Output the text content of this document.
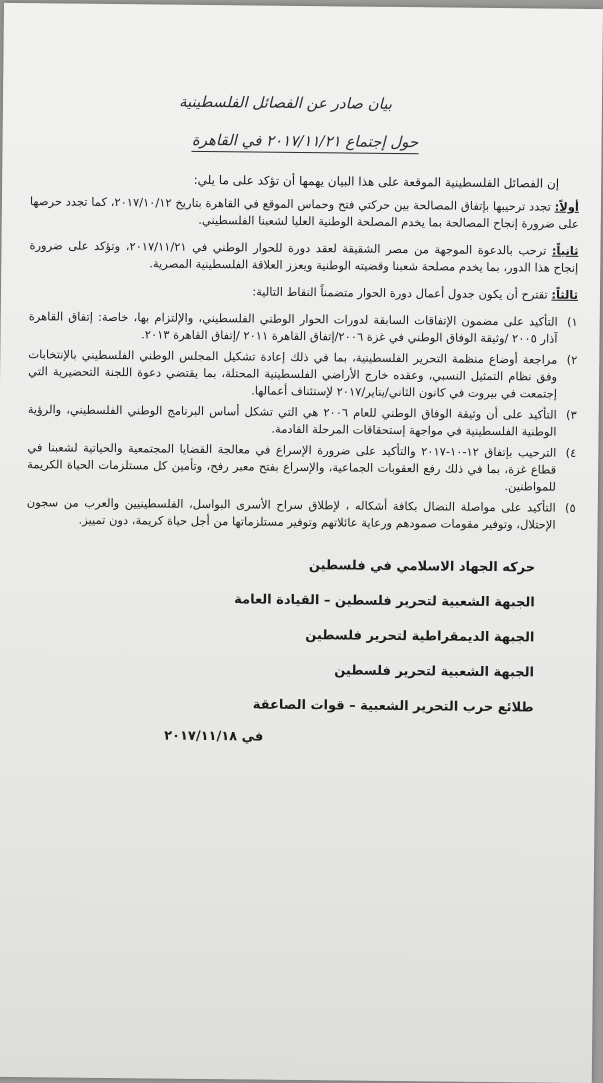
بيان صادر عن الفصائل الفلسطينية
حول إجتماع ٢٠١٧/١١/٢١ في القاهرة

إن الفصائل الفلسطينية الموقعة على هذا البيان يهمها أن تؤكد على ما يلي:

أولاً: تجدد ترحيبها بإتفاق المصالحة بين حركتي فتح وحماس الموقع في القاهرة بتاريخ ٢٠١٧/١٠/١٢، كما تجدد حرصها على ضرورة إنجاح المصالحة بما يخدم المصلحة الوطنية العليا لشعبنا الفلسطيني.

ثانياً: ترحب بالدعوة الموجهة من مصر الشقيقة لعقد دورة للحوار الوطني في ٢٠١٧/١١/٢١، وتؤكد على ضرورة إنجاح هذا الدور، بما يخدم مصلحة شعبنا وقضيته الوطنية ويعزز العلاقة الفلسطينية المصرية.

ثالثاً: تقترح أن يكون جدول أعمال دورة الحوار متضمناً النقاط التالية:

١)
التأكيد على مضمون الإتفاقات السابقة لدورات الحوار الوطني الفلسطيني، والإلتزام بها، خاصة: إتفاق القاهرة آذار ٢٠٠٥ /وثيقة الوفاق الوطني في غزة ٢٠٠٦/إتفاق القاهرة ٢٠١١ /إتفاق القاهرة ٢٠١٣.
٢)
مراجعة أوضاع منظمة التحرير الفلسطينية، بما في ذلك إعادة تشكيل المجلس الوطني الفلسطيني بالإنتخابات وفق نظام التمثيل النسبي، وعقده خارج الأراضي الفلسطينية المحتلة، بما يقتضي دعوة اللجنة التحضيرية التي إجتمعت في بيروت في كانون الثاني/يناير/٢٠١٧ لإستئناف أعمالها.
٣)
التأكيد على أن وثيقة الوفاق الوطني للعام ٢٠٠٦ هي التي تشكل أساس البرنامج الوطني الفلسطيني، والرؤية الوطنية الفلسطينية في مواجهة إستحقاقات المرحلة القادمة.
٤)
الترحيب بإتفاق ١٢-١٠-٢٠١٧ والتأكيد على ضرورة الإسراع في معالجة القضايا المجتمعية والحياتية لشعبنا في قطاع غزة، بما في ذلك رفع العقوبات الجماعية، والإسراع بفتح معبر رفح، وتأمين كل مستلزمات الحياة الكريمة للمواطنين.
٥)
التأكيد على مواصلة النضال بكافة أشكاله ، لإطلاق سراح الأسرى البواسل، الفلسطينيين والعرب من سجون الإحتلال، وتوفير مقومات صمودهم ورعاية عائلاتهم وتوفير مستلزماتها من أجل حياة كريمة، دون تمييز.
حركه الجهاد الاسلامي في فلسطين
الجبهة الشعبية لتحرير فلسطين – القيادة العامة
الجبهة الديمقراطية لتحرير فلسطين
الجبهة الشعبية لتحرير فلسطين
طلائع حرب التحرير الشعبية – قوات الصاعقة
في ٢٠١٧/١١/١٨
